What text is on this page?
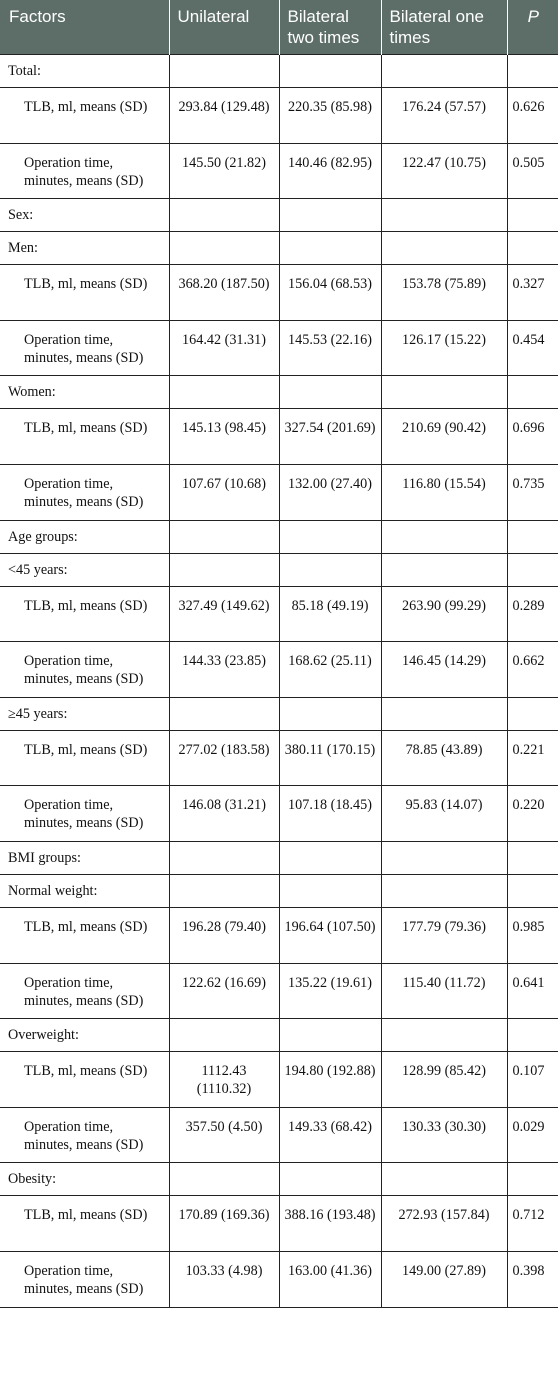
Factors	Unilateral	Bilateral two times	Bilateral one times	P
Total:				
TLB, ml, means (SD)	293.84 (129.48)	220.35 (85.98)	176.24 (57.57)	0.626
Operation time, minutes, means (SD)	145.50 (21.82)	140.46 (82.95)	122.47 (10.75)	0.505
Sex:				
Men:				
TLB, ml, means (SD)	368.20 (187.50)	156.04 (68.53)	153.78 (75.89)	0.327
Operation time, minutes, means (SD)	164.42 (31.31)	145.53 (22.16)	126.17 (15.22)	0.454
Women:				
TLB, ml, means (SD)	145.13 (98.45)	327.54 (201.69)	210.69 (90.42)	0.696
Operation time, minutes, means (SD)	107.67 (10.68)	132.00 (27.40)	116.80 (15.54)	0.735
Age groups:				
<45 years:				
TLB, ml, means (SD)	327.49 (149.62)	85.18 (49.19)	263.90 (99.29)	0.289
Operation time, minutes, means (SD)	144.33 (23.85)	168.62 (25.11)	146.45 (14.29)	0.662
≥45 years:				
TLB, ml, means (SD)	277.02 (183.58)	380.11 (170.15)	78.85 (43.89)	0.221
Operation time, minutes, means (SD)	146.08 (31.21)	107.18 (18.45)	95.83 (14.07)	0.220
BMI groups:				
Normal weight:				
TLB, ml, means (SD)	196.28 (79.40)	196.64 (107.50)	177.79 (79.36)	0.985
Operation time, minutes, means (SD)	122.62 (16.69)	135.22 (19.61)	115.40 (11.72)	0.641
Overweight:				
TLB, ml, means (SD)	1112.43 (1110.32)	194.80 (192.88)	128.99 (85.42)	0.107
Operation time, minutes, means (SD)	357.50 (4.50)	149.33 (68.42)	130.33 (30.30)	0.029
Obesity:				
TLB, ml, means (SD)	170.89 (169.36)	388.16 (193.48)	272.93 (157.84)	0.712
Operation time, minutes, means (SD)	103.33 (4.98)	163.00 (41.36)	149.00 (27.89)	0.398
